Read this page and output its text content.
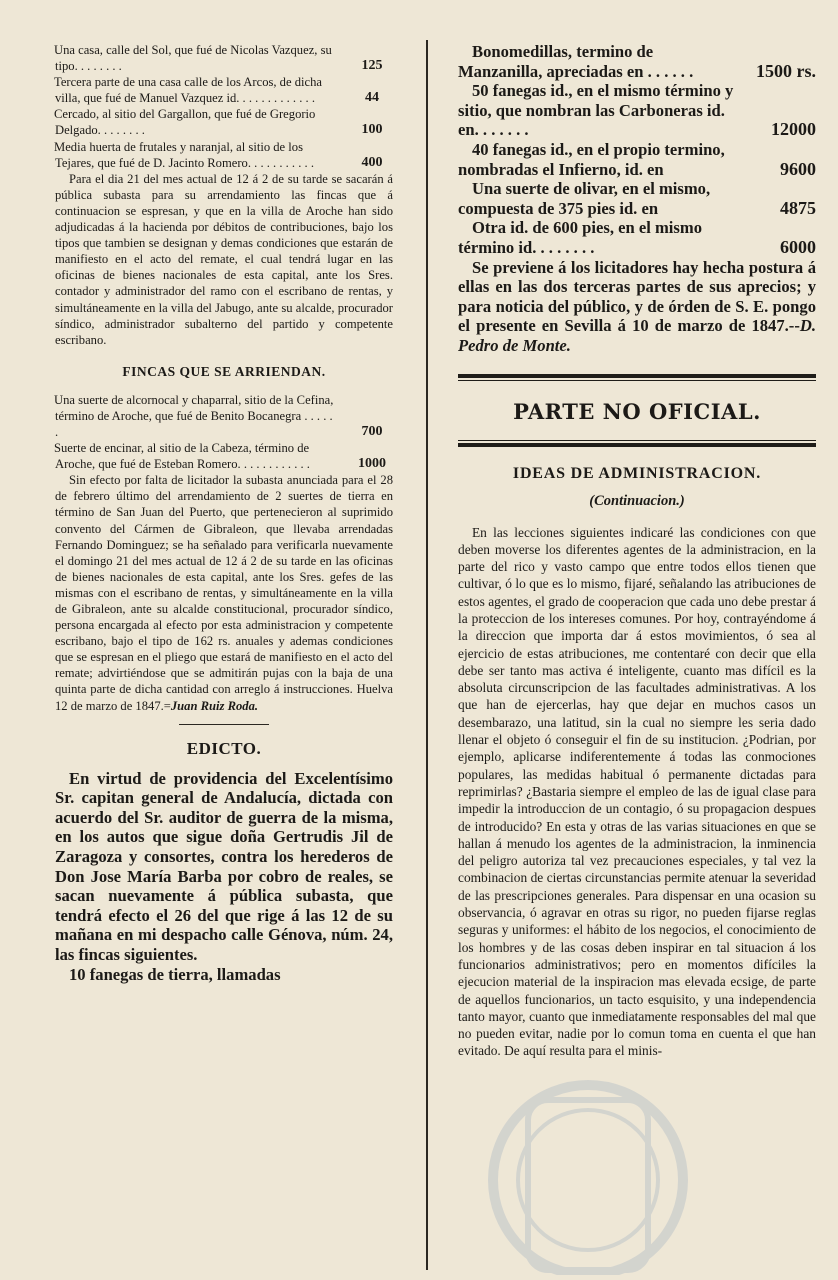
Una casa, calle del Sol, que fué de Nicolas Vazquez, su tipo. . . . . . . .	125
Tercera parte de una casa calle de los Arcos, de dicha villa, que fué de Manuel Vazquez id. . . . . . . . . . . . .	44
Cercado, al sitio del Gargallon, que fué de Gregorio Delgado. . . . . . . .	100
Media huerta de frutales y naranjal, al sitio de los Tejares, que fué de D. Jacinto Romero. . . . . . . . . . .	400

Para el dia 21 del mes actual de 12 á 2 de su tarde se sacarán á pública subasta para su arrendamiento las fincas que á continuacion se espresan, y que en la villa de Aroche han sido adjudicadas á la hacienda por débitos de contribuciones, bajo los tipos que tambien se designan y demas condiciones que estarán de manifiesto en el acto del remate, el cual tendrá lugar en las oficinas de bienes nacionales de esta capital, ante los Sres. contador y administrador del ramo con el escribano de rentas, y simultáneamente en la villa del Jabugo, ante su alcalde, procurador síndico, administrador subalterno del partido y competente escribano.

FINCAS QUE SE ARRIENDAN.
Una suerte de alcornocal y chaparral, sitio de la Cefina, término de Aroche, que fué de Benito Bocanegra . . . . . .	700
Suerte de encinar, al sitio de la Cabeza, término de Aroche, que fué de Esteban Romero. . . . . . . . . . . .	1000

Sin efecto por falta de licitador la subasta anunciada para el 28 de febrero último del arrendamiento de 2 suertes de tierra en término de San Juan del Puerto, que pertenecieron al suprimido convento del Cármen de Gibraleon, que llevaba arrendadas Fernando Dominguez; se ha señalado para verificarla nuevamente el domingo 21 del mes actual de 12 á 2 de su tarde en las oficinas de bienes nacionales de esta capital, ante los Sres. gefes de las mismas con el escribano de rentas, y simultáneamente en la villa de Gibraleon, ante su alcalde constitucional, procurador síndico, persona encargada al efecto por esta administracion y competente escribano, bajo el tipo de 162 rs. anuales y ademas condiciones que se espresan en el pliego que estará de manifiesto en el acto del remate; advirtiéndose que se admitirán pujas con la baja de una quinta parte de dicha cantidad con arreglo á instrucciones. Huelva 12 de marzo de 1847.=Juan Ruiz Roda.

EDICTO.

En virtud de providencia del Excelentísimo Sr. capitan general de Andalucía, dictada con acuerdo del Sr. auditor de guerra de la misma, en los autos que sigue doña Gertrudis Jil de Zaragoza y consortes, contra los herederos de Don Jose María Barba por cobro de reales, se sacan nuevamente á pública subasta, que tendrá efecto el 26 del que rige á las 12 de su mañana en mi despacho calle Génova, núm. 24, las fincas siguientes.

10 fanegas de tierra, llamadas

Bonomedillas, termino de Manzanilla, apreciadas en . . . . . .	1500 rs.
50 fanegas id., en el mismo término y sitio, que nombran las Carboneras id. en. . . . . . .	12000
40 fanegas id., en el propio termino, nombradas el Infierno, id. en	9600
Una suerte de olivar, en el mismo, compuesta de 375 pies id. en	4875
Otra id. de 600 pies, en el mismo término id. . . . . . . .	6000

Se previene á los licitadores hay hecha postura á ellas en las dos terceras partes de sus aprecios; y para noticia del público, y de órden de S. E. pongo el presente en Sevilla á 10 de marzo de 1847.--D. Pedro de Monte.

PARTE NO OFICIAL.
IDEAS DE ADMINISTRACION.
(Continuacion.)

En las lecciones siguientes indicaré las condiciones con que deben moverse los diferentes agentes de la administracion, en la parte del rico y vasto campo que entre todos ellos tienen que cultivar, ó lo que es lo mismo, fijaré, señalando las atribuciones de estos agentes, el grado de cooperacion que cada uno debe prestar á la proteccion de los intereses comunes. Por hoy, contrayéndome á la direccion que importa dar á estos movimientos, ó sea al ejercicio de estas atribuciones, me contentaré con decir que ella debe ser tanto mas activa é inteligente, cuanto mas difícil es la absoluta circunscripcion de las facultades administrativas. A los que han de ejercerlas, hay que dejar en muchos casos un desembarazo, una latitud, sin la cual no siempre les seria dado llenar el objeto ó conseguir el fin de su institucion. ¿Podrian, por ejemplo, aplicarse indiferentemente á todas las conmociones populares, las medidas habitual ó permanente dictadas para reprimirlas? ¿Bastaria siempre el empleo de las de igual clase para impedir la introduccion de un contagio, ó su propagacion despues de introducido? En esta y otras de las varias situaciones en que se hallan á menudo los agentes de la administracion, la inminencia del peligro autoriza tal vez precauciones especiales, y tal vez la combinacion de ciertas circunstancias permite atenuar la severidad de las prescripciones generales. Para dispensar en una ocasion su observancia, ó agravar en otras su rigor, no pueden fijarse reglas seguras y uniformes: el hábito de los negocios, el conocimiento de los hombres y de las cosas deben inspirar en tal situacion á los funcionarios administrativos; pero en momentos difíciles la ejecucion material de la inspiracion mas elevada ecsige, de parte de aquellos funcionarios, un tacto esquisito, y una independencia tanto mayor, cuanto que inmediatamente responsables del mal que no pueden evitar, nadie por lo comun toma en cuenta el que han evitado. De aquí resulta para el minis-
